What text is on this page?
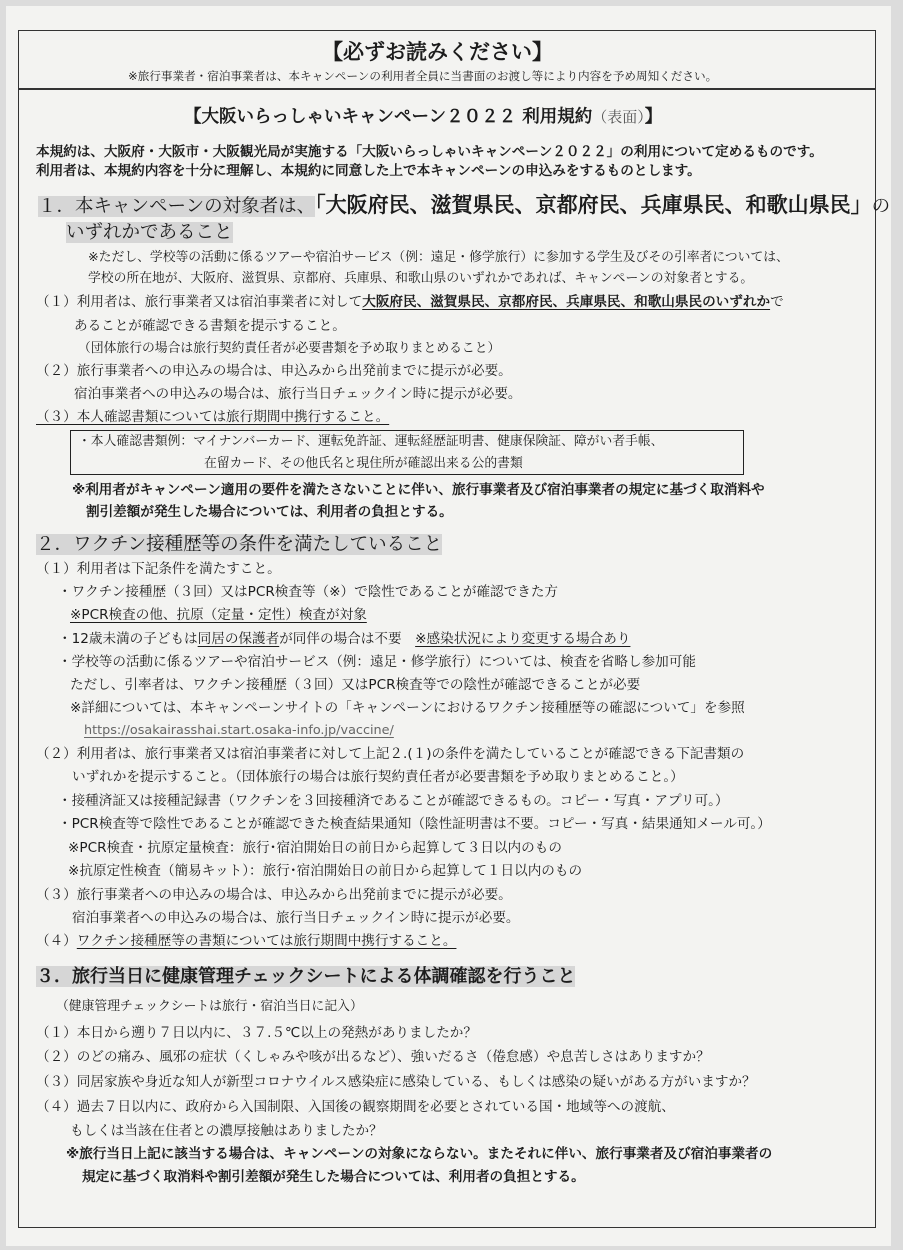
【必ずお読みください】
※旅行事業者・宿泊事業者は、本キャンペーンの利用者全員に当書面のお渡し等により内容を予め周知ください。
【大阪いらっしゃいキャンペーン２０２２ 利用規約（表面）】
本規約は、大阪府・大阪市・大阪観光局が実施する「大阪いらっしゃいキャンペーン２０２２」の利用について定めるものです。
利用者は、本規約内容を十分に理解し、本規約に同意した上で本キャンペーンの申込みをするものとします。
１．本キャンペーンの対象者は、「大阪府民、滋賀県民、京都府民、兵庫県民、和歌山県民」の
いずれかであること
※ただし、学校等の活動に係るツアーや宿泊サービス（例：遠足・修学旅行）に参加する学生及びその引率者については、
学校の所在地が、大阪府、滋賀県、京都府、兵庫県、和歌山県のいずれかであれば、キャンペーンの対象者とする。
（１）利用者は、旅行事業者又は宿泊事業者に対して大阪府民、滋賀県民、京都府民、兵庫県民、和歌山県民のいずれかで
あることが確認できる書類を提示すること。
（団体旅行の場合は旅行契約責任者が必要書類を予め取りまとめること）
（２）旅行事業者への申込みの場合は、申込みから出発前までに提示が必要。
宿泊事業者への申込みの場合は、旅行当日チェックイン時に提示が必要。
（３）本人確認書類については旅行期間中携行すること。
・本人確認書類例：マイナンバーカード、運転免許証、運転経歴証明書、健康保険証、障がい者手帳、
在留カード、その他氏名と現住所が確認出来る公的書類
※利用者がキャンペーン適用の要件を満たさないことに伴い、旅行事業者及び宿泊事業者の規定に基づく取消料や
割引差額が発生した場合については、利用者の負担とする。
２．ワクチン接種歴等の条件を満たしていること
（１）利用者は下記条件を満たすこと。
・ワクチン接種歴（３回）又はPCR検査等（※）で陰性であることが確認できた方
※PCR検査の他、抗原（定量・定性）検査が対象
・12歳未満の子どもは同居の保護者が同伴の場合は不要　※感染状況により変更する場合あり
・学校等の活動に係るツアーや宿泊サービス（例：遠足・修学旅行）については、検査を省略し参加可能
ただし、引率者は、ワクチン接種歴（３回）又はPCR検査等での陰性が確認できることが必要
※詳細については、本キャンペーンサイトの「キャンペーンにおけるワクチン接種歴等の確認について」を参照
https://osakairasshai.start.osaka-info.jp/vaccine/
（２）利用者は、旅行事業者又は宿泊事業者に対して上記２.(１)の条件を満たしていることが確認できる下記書類の
いずれかを提示すること。（団体旅行の場合は旅行契約責任者が必要書類を予め取りまとめること。）
・接種済証又は接種記録書（ワクチンを３回接種済であることが確認できるもの。コピー・写真・アプリ可。）
・PCR検査等で陰性であることが確認できた検査結果通知（陰性証明書は不要。コピー・写真・結果通知メール可。）
※PCR検査・抗原定量検査：旅行･宿泊開始日の前日から起算して３日以内のもの
※抗原定性検査（簡易キット）：旅行･宿泊開始日の前日から起算して１日以内のもの
（３）旅行事業者への申込みの場合は、申込みから出発前までに提示が必要。
宿泊事業者への申込みの場合は、旅行当日チェックイン時に提示が必要。
（４）ワクチン接種歴等の書類については旅行期間中携行すること。
３．旅行当日に健康管理チェックシートによる体調確認を行うこと
（健康管理チェックシートは旅行・宿泊当日に記入）
（１）本日から遡り７日以内に、３７.５℃以上の発熱がありましたか？
（２）のどの痛み、風邪の症状（くしゃみや咳が出るなど）、強いだるさ（倦怠感）や息苦しさはありますか？
（３）同居家族や身近な知人が新型コロナウイルス感染症に感染している、もしくは感染の疑いがある方がいますか？
（４）過去７日以内に、政府から入国制限、入国後の観察期間を必要とされている国・地域等への渡航、
もしくは当該在住者との濃厚接触はありましたか？
※旅行当日上記に該当する場合は、キャンペーンの対象にならない。またそれに伴い、旅行事業者及び宿泊事業者の
規定に基づく取消料や割引差額が発生した場合については、利用者の負担とする。
